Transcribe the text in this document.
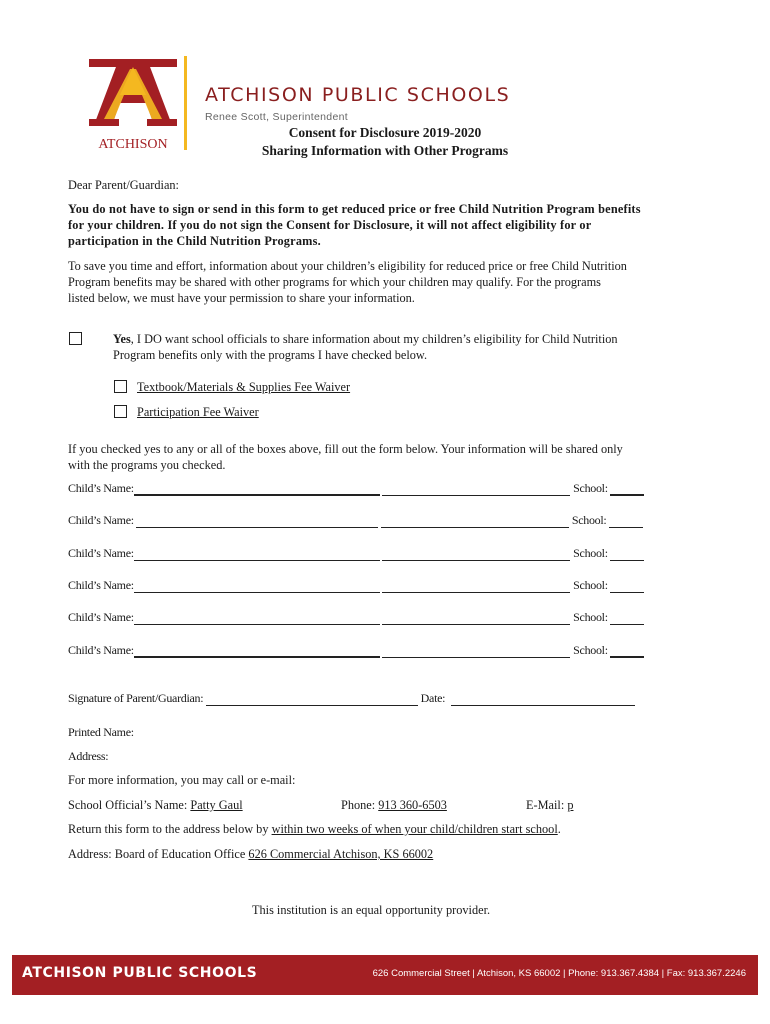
ATCHISON
ATCHISON PUBLIC SCHOOLS
Renee Scott, Superintendent
Consent for Disclosure 2019-2020
Sharing Information with Other Programs
Dear Parent/Guardian:
You do not have to sign or send in this form to get reduced price or free Child Nutrition Program benefits
for your children. If you do not sign the Consent for Disclosure, it will not affect eligibility for or
participation in the Child Nutrition Programs.
To save you time and effort, information about your children’s eligibility for reduced price or free Child Nutrition
Program benefits may be shared with other programs for which your children may qualify. For the programs
listed below, we must have your permission to share your information.
Yes, I DO want school officials to share information about my children’s eligibility for Child Nutrition
Program benefits only with the programs I have checked below.
Textbook/Materials & Supplies Fee Waiver
Participation Fee Waiver
If you checked yes to any or all of the boxes above, fill out the form below. Your information will be shared only
with the programs you checked.
Child’s Name:	School:
Child’s Name:	School:
Child’s Name:	School:
Child’s Name:	School:
Child’s Name:	School:
Child’s Name:	School:
Signature of Parent/Guardian:	Date:
Printed Name:
Address:
For more information, you may call or e-mail:
School Official’s Name: Patty Gaul	Phone: 913 360-6503	E-Mail: p
Return this form to the address below by within two weeks of when your child/children start school.
Address: Board of Education Office 626 Commercial Atchison, KS 66002
This institution is an equal opportunity provider.
ATCHISON PUBLIC SCHOOLS	626 Commercial Street | Atchison, KS 66002 | Phone: 913.367.4384 | Fax: 913.367.2246
